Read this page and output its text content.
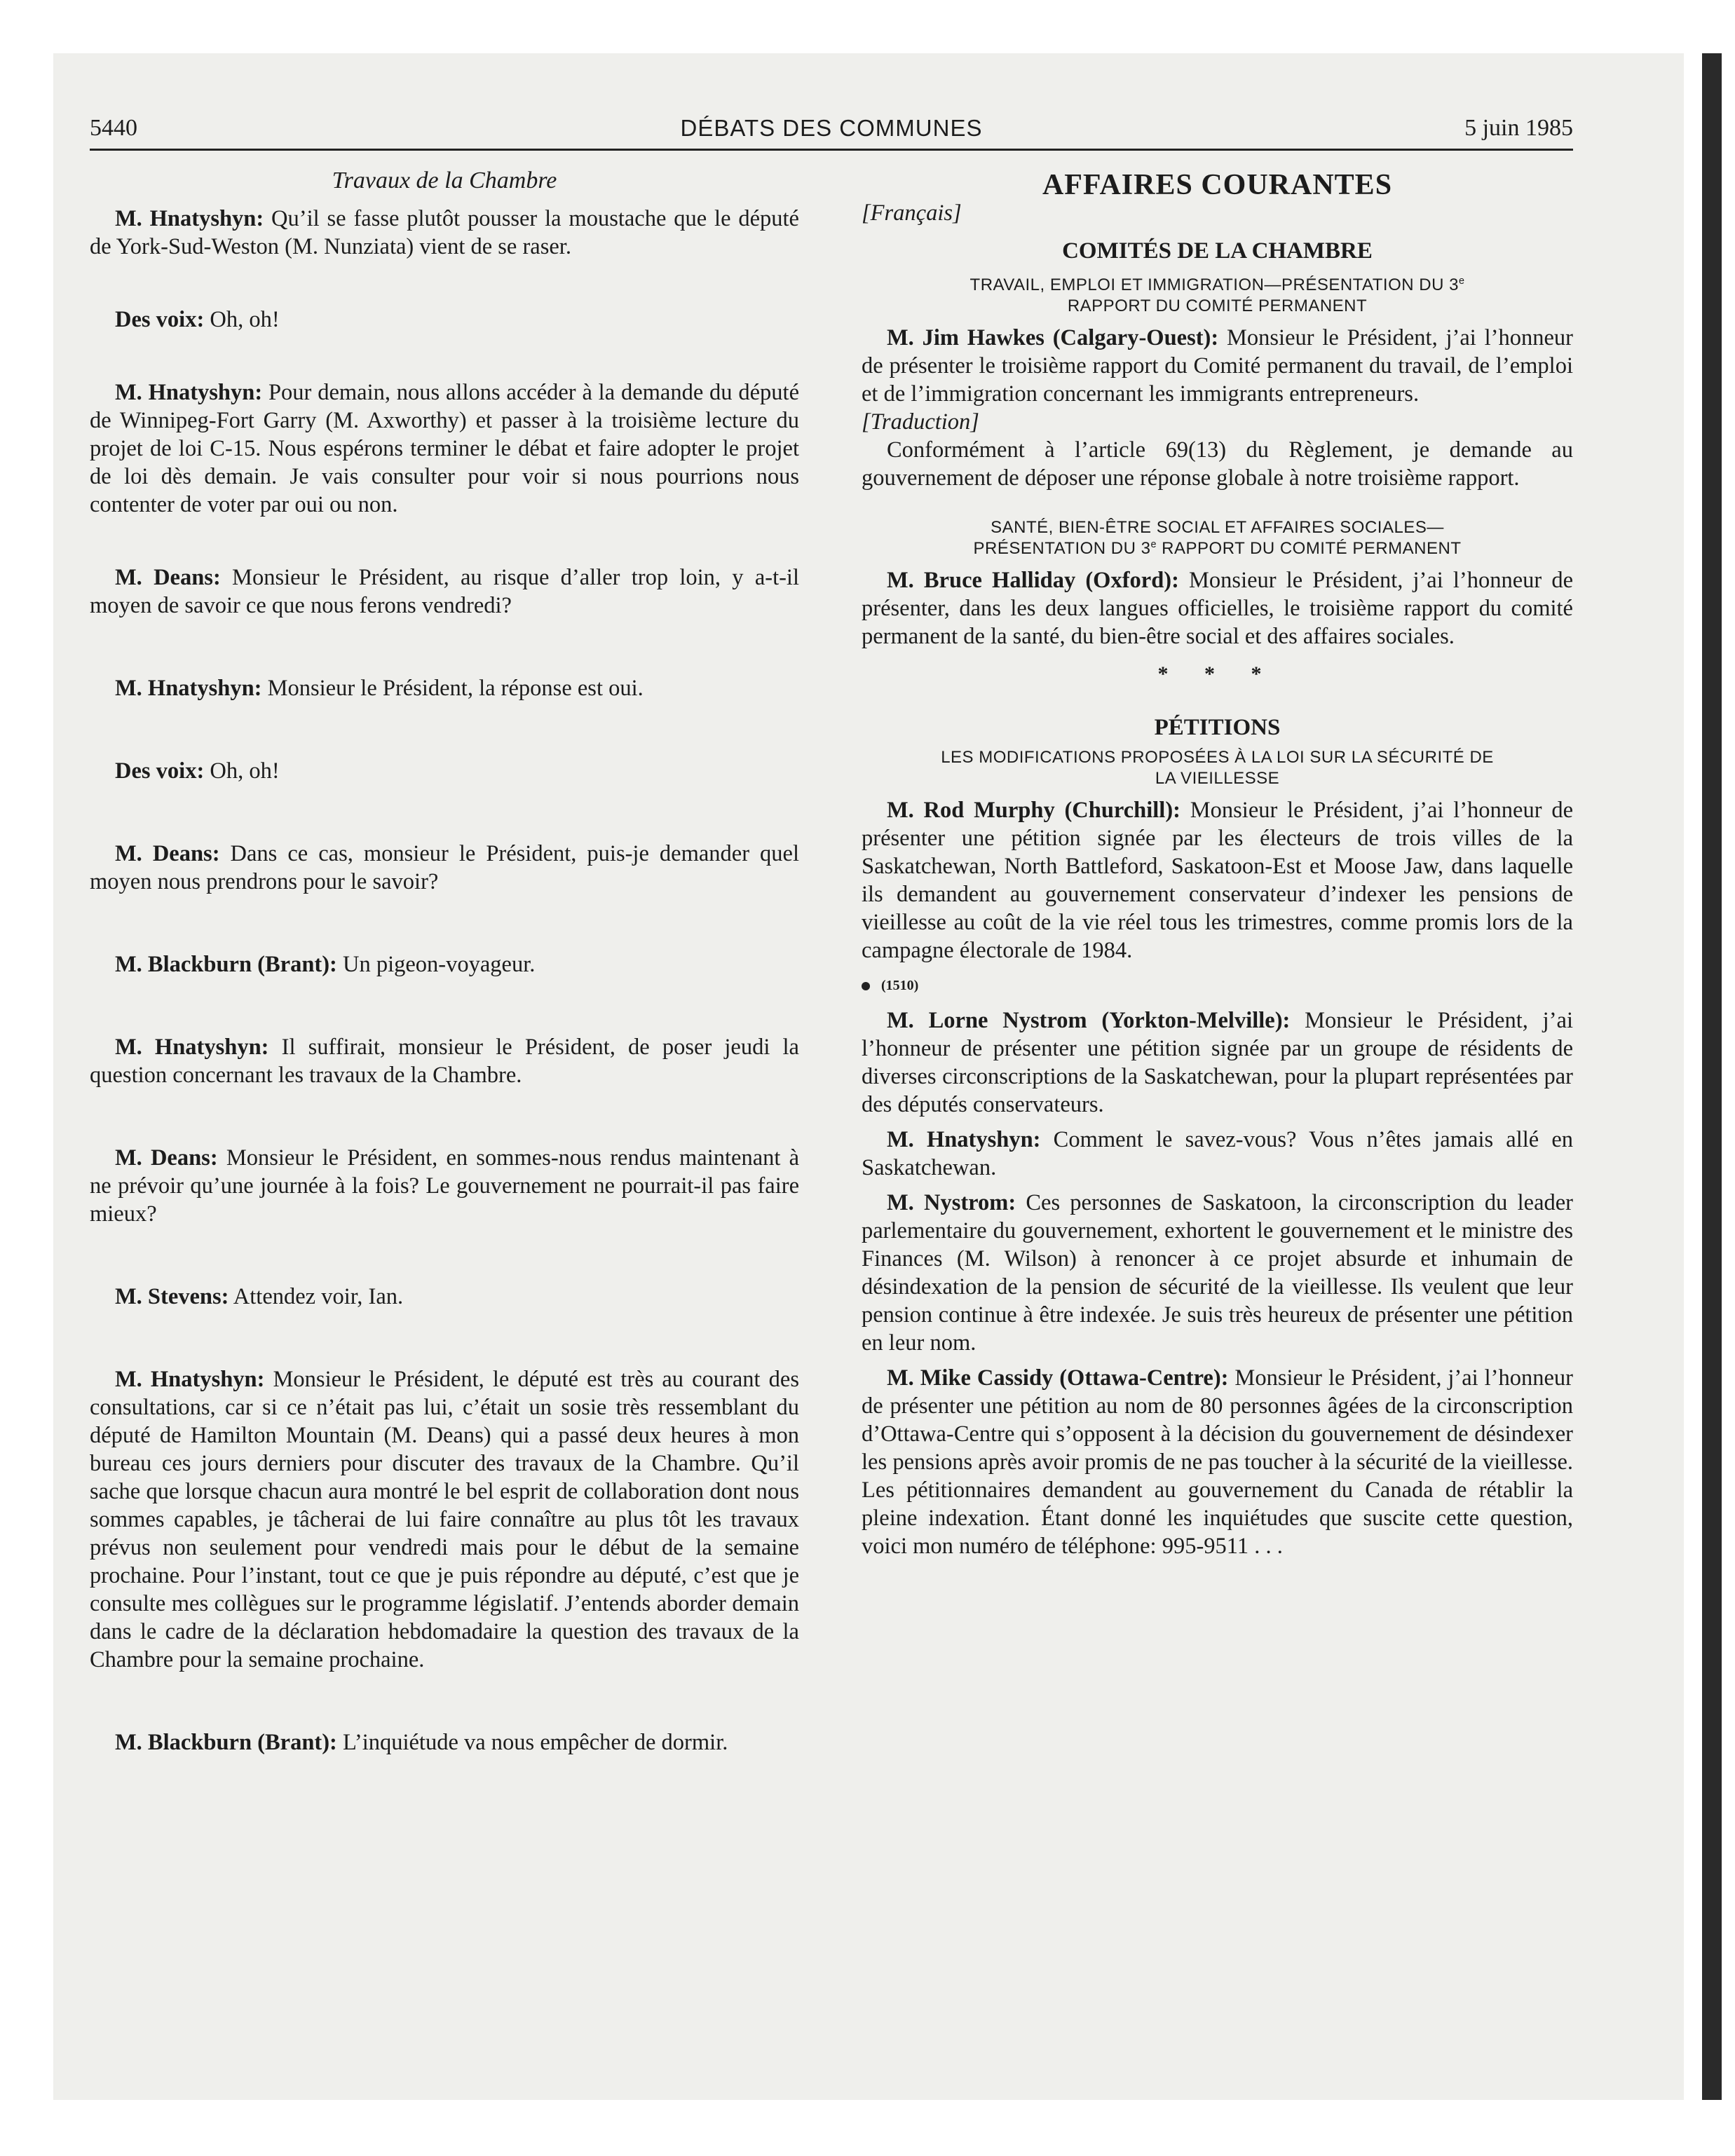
5440	DÉBATS DES COMMUNES	5 juin 1985
Travaux de la Chambre

M. Hnatyshyn: Qu’il se fasse plutôt pousser la moustache que le député de York-Sud-Weston (M. Nunziata) vient de se raser.

Des voix: Oh, oh!

M. Hnatyshyn: Pour demain, nous allons accéder à la demande du député de Winnipeg-Fort Garry (M. Axworthy) et passer à la troisième lecture du projet de loi C-15. Nous espérons terminer le débat et faire adopter le projet de loi dès demain. Je vais consulter pour voir si nous pourrions nous contenter de voter par oui ou non.

M. Deans: Monsieur le Président, au risque d’aller trop loin, y a-t-il moyen de savoir ce que nous ferons vendredi?

M. Hnatyshyn: Monsieur le Président, la réponse est oui.

Des voix: Oh, oh!

M. Deans: Dans ce cas, monsieur le Président, puis-je demander quel moyen nous prendrons pour le savoir?

M. Blackburn (Brant): Un pigeon-voyageur.

M. Hnatyshyn: Il suffirait, monsieur le Président, de poser jeudi la question concernant les travaux de la Chambre.

M. Deans: Monsieur le Président, en sommes-nous rendus maintenant à ne prévoir qu’une journée à la fois? Le gouvernement ne pourrait-il pas faire mieux?

M. Stevens: Attendez voir, Ian.

M. Hnatyshyn: Monsieur le Président, le député est très au courant des consultations, car si ce n’était pas lui, c’était un sosie très ressemblant du député de Hamilton Mountain (M. Deans) qui a passé deux heures à mon bureau ces jours derniers pour discuter des travaux de la Chambre. Qu’il sache que lorsque chacun aura montré le bel esprit de collaboration dont nous sommes capables, je tâcherai de lui faire connaître au plus tôt les travaux prévus non seulement pour vendredi mais pour le début de la semaine prochaine. Pour l’instant, tout ce que je puis répondre au député, c’est que je consulte mes collègues sur le programme législatif. J’entends aborder demain dans le cadre de la déclaration hebdomadaire la question des travaux de la Chambre pour la semaine prochaine.

M. Blackburn (Brant): L’inquiétude va nous empêcher de dormir.

AFFAIRES COURANTES
[Français]
COMITÉS DE LA CHAMBRE
TRAVAIL, EMPLOI ET IMMIGRATION—PRÉSENTATION DU 3e
RAPPORT DU COMITÉ PERMANENT

M. Jim Hawkes (Calgary-Ouest): Monsieur le Président, j’ai l’honneur de présenter le troisième rapport du Comité permanent du travail, de l’emploi et de l’immigration concernant les immigrants entrepreneurs.

[Traduction]

Conformément à l’article 69(13) du Règlement, je demande au gouvernement de déposer une réponse globale à notre troisième rapport.

SANTÉ, BIEN-ÊTRE SOCIAL ET AFFAIRES SOCIALES—
PRÉSENTATION DU 3e RAPPORT DU COMITÉ PERMANENT

M. Bruce Halliday (Oxford): Monsieur le Président, j’ai l’honneur de présenter, dans les deux langues officielles, le troisième rapport du comité permanent de la santé, du bien-être social et des affaires sociales.

* * *
PÉTITIONS
LES MODIFICATIONS PROPOSÉES À LA LOI SUR LA SÉCURITÉ DE
LA VIEILLESSE

M. Rod Murphy (Churchill): Monsieur le Président, j’ai l’honneur de présenter une pétition signée par les électeurs de trois villes de la Saskatchewan, North Battleford, Saskatoon-Est et Moose Jaw, dans laquelle ils demandent au gouvernement conservateur d’indexer les pensions de vieillesse au coût de la vie réel tous les trimestres, comme promis lors de la campagne électorale de 1984.

(1510)

M. Lorne Nystrom (Yorkton-Melville): Monsieur le Président, j’ai l’honneur de présenter une pétition signée par un groupe de résidents de diverses circonscriptions de la Saskatchewan, pour la plupart représentées par des députés conservateurs.

M. Hnatyshyn: Comment le savez-vous? Vous n’êtes jamais allé en Saskatchewan.

M. Nystrom: Ces personnes de Saskatoon, la circonscription du leader parlementaire du gouvernement, exhortent le gouvernement et le ministre des Finances (M. Wilson) à renoncer à ce projet absurde et inhumain de désindexation de la pension de sécurité de la vieillesse. Ils veulent que leur pension continue à être indexée. Je suis très heureux de présenter une pétition en leur nom.

M. Mike Cassidy (Ottawa-Centre): Monsieur le Président, j’ai l’honneur de présenter une pétition au nom de 80 personnes âgées de la circonscription d’Ottawa-Centre qui s’opposent à la décision du gouvernement de désindexer les pensions après avoir promis de ne pas toucher à la sécurité de la vieillesse. Les pétitionnaires demandent au gouvernement du Canada de rétablir la pleine indexation. Étant donné les inquiétudes que suscite cette question, voici mon numéro de téléphone: 995-9511 . . .
